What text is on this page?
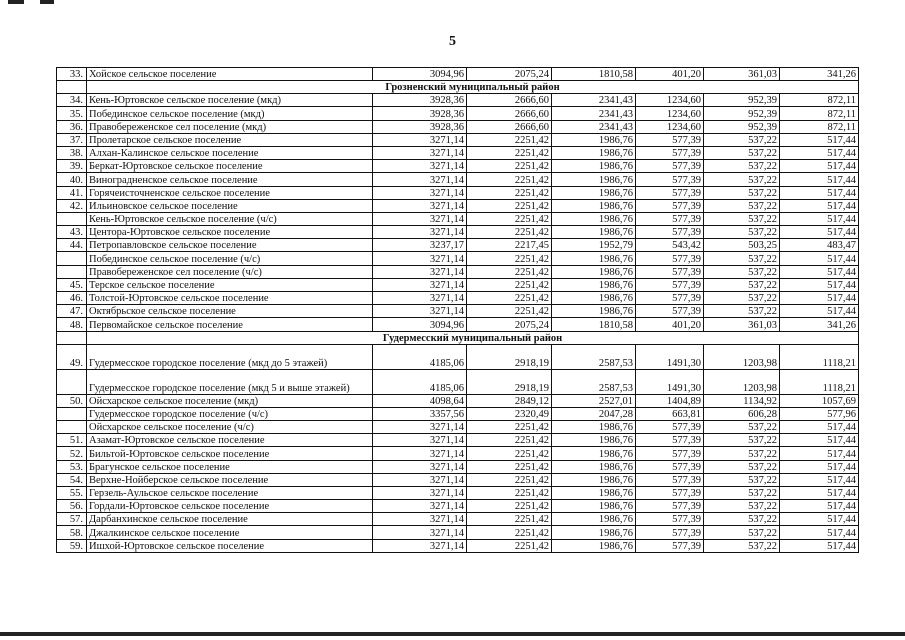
5
33.	Хойское сельское поселение	3094,96	2075,24	1810,58	401,20	361,03	341,26
	Грозненский муниципальный район						
34.	Кень-Юртовское сельское поселение (мкд)	3928,36	2666,60	2341,43	1234,60	952,39	872,11
35.	Побединское сельское поселение (мкд)	3928,36	2666,60	2341,43	1234,60	952,39	872,11
36.	Правобереженское сел поселение (мкд)	3928,36	2666,60	2341,43	1234,60	952,39	872,11
37.	Пролетарское сельское поселение	3271,14	2251,42	1986,76	577,39	537,22	517,44
38.	Алхан-Калинское сельское поселение	3271,14	2251,42	1986,76	577,39	537,22	517,44
39.	Беркат-Юртовское сельское поселение	3271,14	2251,42	1986,76	577,39	537,22	517,44
40.	Виноградненское сельское поселение	3271,14	2251,42	1986,76	577,39	537,22	517,44
41.	Горячеисточненское сельское поселение	3271,14	2251,42	1986,76	577,39	537,22	517,44
42.	Ильиновское сельское поселение	3271,14	2251,42	1986,76	577,39	537,22	517,44
	Кень-Юртовское сельское поселение (ч/с)	3271,14	2251,42	1986,76	577,39	537,22	517,44
43.	Центора-Юртовское сельское поселение	3271,14	2251,42	1986,76	577,39	537,22	517,44
44.	Петропавловское сельское поселение	3237,17	2217,45	1952,79	543,42	503,25	483,47
	Побединское сельское поселение (ч/с)	3271,14	2251,42	1986,76	577,39	537,22	517,44
	Правобереженское сел поселение (ч/с)	3271,14	2251,42	1986,76	577,39	537,22	517,44
45.	Терское сельское поселение	3271,14	2251,42	1986,76	577,39	537,22	517,44
46.	Толстой-Юртовское сельское поселение	3271,14	2251,42	1986,76	577,39	537,22	517,44
47.	Октябрьское сельское поселение	3271,14	2251,42	1986,76	577,39	537,22	517,44
48.	Первомайское сельское поселение	3094,96	2075,24	1810,58	401,20	361,03	341,26
	Гудермесский муниципальный район						
49.	Гудермесское городское поселение (мкд до 5 этажей)	4185,06	2918,19	2587,53	1491,30	1203,98	1118,21
	Гудермесское городское поселение (мкд 5 и выше этажей)	4185,06	2918,19	2587,53	1491,30	1203,98	1118,21
50.	Ойсхарское сельское поселение (мкд)	4098,64	2849,12	2527,01	1404,89	1134,92	1057,69
	Гудермесское городское поселение (ч/с)	3357,56	2320,49	2047,28	663,81	606,28	577,96
	Ойсхарское сельское поселение (ч/с)	3271,14	2251,42	1986,76	577,39	537,22	517,44
51.	Азамат-Юртовское сельское поселение	3271,14	2251,42	1986,76	577,39	537,22	517,44
52.	Бильтой-Юртовское сельское поселение	3271,14	2251,42	1986,76	577,39	537,22	517,44
53.	Брагунское сельское поселение	3271,14	2251,42	1986,76	577,39	537,22	517,44
54.	Верхне-Нойберское сельское поселение	3271,14	2251,42	1986,76	577,39	537,22	517,44
55.	Герзель-Аульское сельское поселение	3271,14	2251,42	1986,76	577,39	537,22	517,44
56.	Гордали-Юртовское сельское поселение	3271,14	2251,42	1986,76	577,39	537,22	517,44
57.	Дарбанхинское сельское поселение	3271,14	2251,42	1986,76	577,39	537,22	517,44
58.	Джалкинское сельское поселение	3271,14	2251,42	1986,76	577,39	537,22	517,44
59.	Ишхой-Юртовское сельское поселение	3271,14	2251,42	1986,76	577,39	537,22	517,44
